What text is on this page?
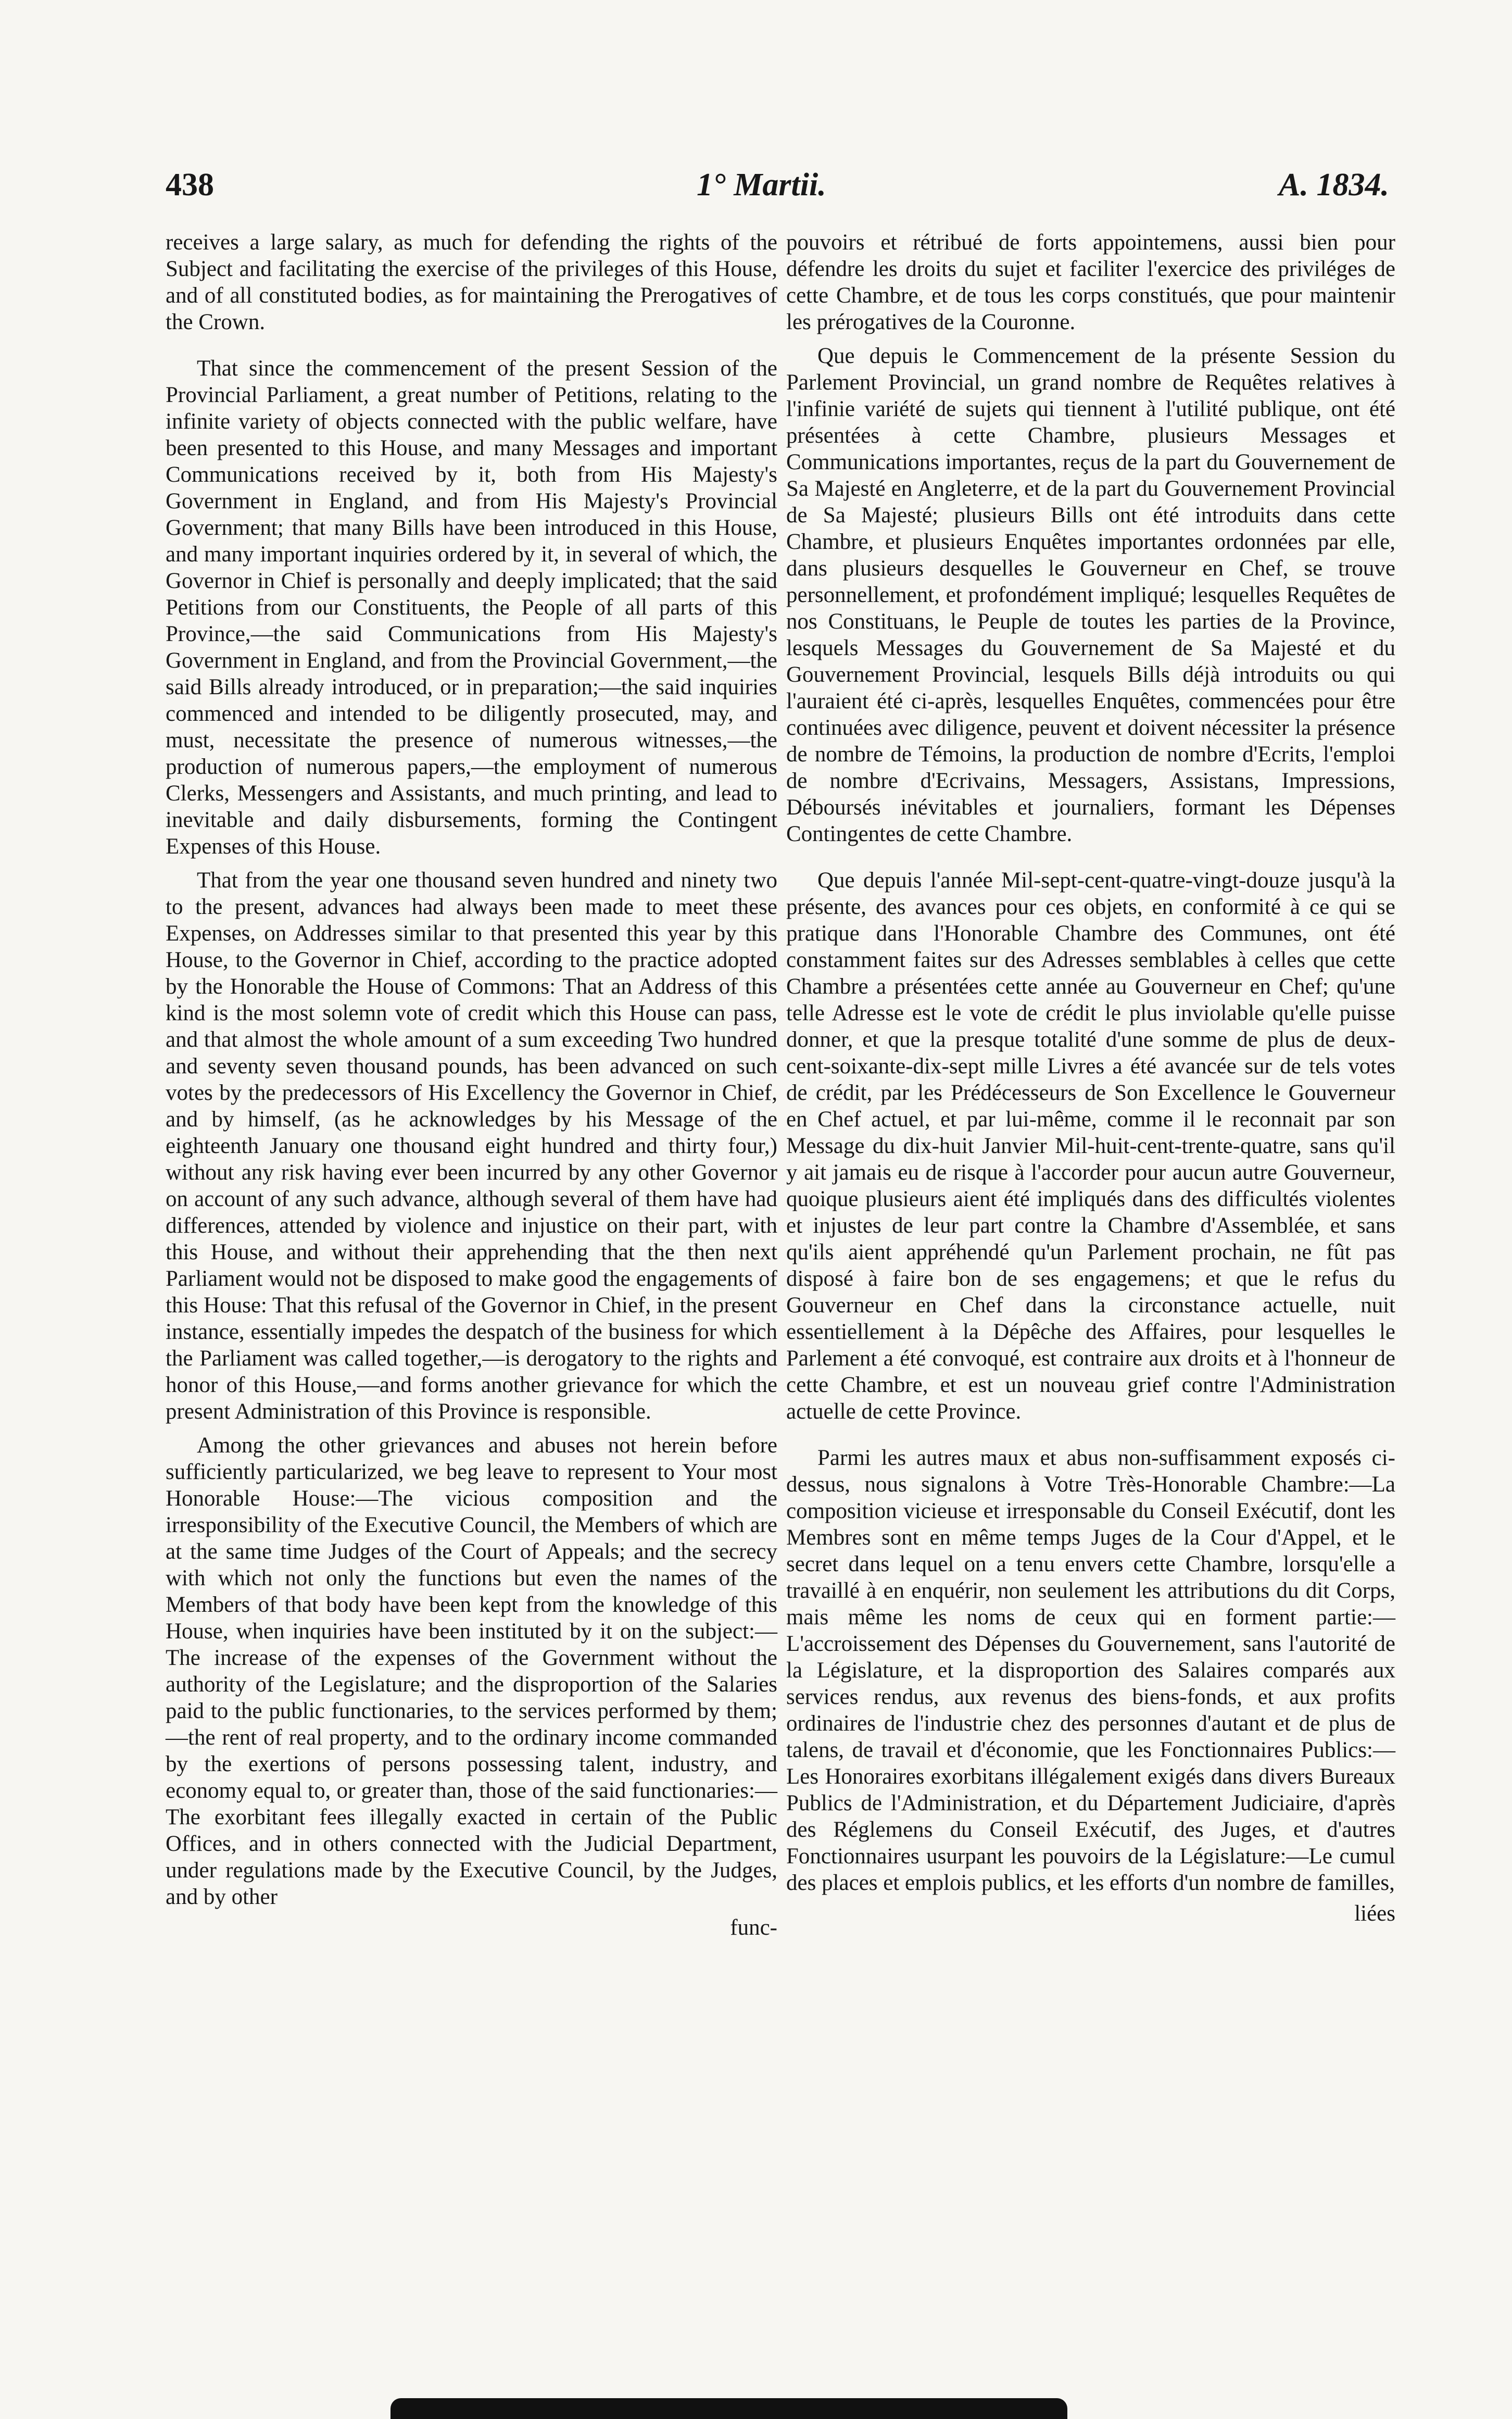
438	1° Martii.	A. 1834.

receives a large salary, as much for defending the rights of the Subject and facilitating the exercise of the privileges of this House, and of all constituted bodies, as for maintaining the Prerogatives of the Crown.

That since the commencement of the present Session of the Provincial Parliament, a great number of Petitions, relating to the infinite variety of objects connected with the public welfare, have been presented to this House, and many Messages and important Communications received by it, both from His Majesty's Government in England, and from His Majesty's Provincial Government; that many Bills have been introduced in this House, and many important inquiries ordered by it, in several of which, the Governor in Chief is personally and deeply implicated; that the said Petitions from our Constituents, the People of all parts of this Province,—the said Communications from His Majesty's Government in England, and from the Provincial Government,—the said Bills already introduced, or in preparation;—the said inquiries commenced and intended to be diligently prosecuted, may, and must, necessitate the presence of numerous witnesses,—the production of numerous papers,—the employment of numerous Clerks, Messengers and Assistants, and much printing, and lead to inevitable and daily disbursements, forming the Contingent Expenses of this House.

That from the year one thousand seven hundred and ninety two to the present, advances had always been made to meet these Expenses, on Addresses similar to that presented this year by this House, to the Governor in Chief, according to the practice adopted by the Honorable the House of Commons: That an Address of this kind is the most solemn vote of credit which this House can pass, and that almost the whole amount of a sum exceeding Two hundred and seventy seven thousand pounds, has been advanced on such votes by the predecessors of His Excellency the Governor in Chief, and by himself, (as he acknowledges by his Message of the eighteenth January one thousand eight hundred and thirty four,) without any risk having ever been incurred by any other Governor on account of any such advance, although several of them have had differences, attended by violence and injustice on their part, with this House, and without their apprehending that the then next Parliament would not be disposed to make good the engagements of this House: That this refusal of the Governor in Chief, in the present instance, essentially impedes the despatch of the business for which the Parliament was called together,—is derogatory to the rights and honor of this House,—and forms another grievance for which the present Administration of this Province is responsible.

Among the other grievances and abuses not herein before sufficiently particularized, we beg leave to represent to Your most Honorable House:—The vicious composition and the irresponsibility of the Executive Council, the Members of which are at the same time Judges of the Court of Appeals; and the secrecy with which not only the functions but even the names of the Members of that body have been kept from the knowledge of this House, when inquiries have been instituted by it on the subject:—The increase of the expenses of the Government without the authority of the Legislature; and the disproportion of the Salaries paid to the public functionaries, to the services performed by them;—the rent of real property, and to the ordinary income commanded by the exertions of persons possessing talent, industry, and economy equal to, or greater than, those of the said functionaries:—The exorbitant fees illegally exacted in certain of the Public Offices, and in others connected with the Judicial Department, under regulations made by the Executive Council, by the Judges, and by other

func-

pouvoirs et rétribué de forts appointemens, aussi bien pour défendre les droits du sujet et faciliter l'exercice des priviléges de cette Chambre, et de tous les corps constitués, que pour maintenir les prérogatives de la Couronne.

Que depuis le Commencement de la présente Session du Parlement Provincial, un grand nombre de Requêtes relatives à l'infinie variété de sujets qui tiennent à l'utilité publique, ont été présentées à cette Chambre, plusieurs Messages et Communications importantes, reçus de la part du Gouvernement de Sa Majesté en Angleterre, et de la part du Gouvernement Provincial de Sa Majesté; plusieurs Bills ont été introduits dans cette Chambre, et plusieurs Enquêtes importantes ordonnées par elle, dans plusieurs desquelles le Gouverneur en Chef, se trouve personnellement, et profondément impliqué; lesquelles Requêtes de nos Constituans, le Peuple de toutes les parties de la Province, lesquels Messages du Gouvernement de Sa Majesté et du Gouvernement Provincial, lesquels Bills déjà introduits ou qui l'auraient été ci-après, lesquelles Enquêtes, commencées pour être continuées avec diligence, peuvent et doivent nécessiter la présence de nombre de Témoins, la production de nombre d'Ecrits, l'emploi de nombre d'Ecrivains, Messagers, Assistans, Impressions, Déboursés inévitables et journaliers, formant les Dépenses Contingentes de cette Chambre.

Que depuis l'année Mil-sept-cent-quatre-vingt-douze jusqu'à la présente, des avances pour ces objets, en conformité à ce qui se pratique dans l'Honorable Chambre des Communes, ont été constamment faites sur des Adresses semblables à celles que cette Chambre a présentées cette année au Gouverneur en Chef; qu'une telle Adresse est le vote de crédit le plus inviolable qu'elle puisse donner, et que la presque totalité d'une somme de plus de deux-cent-soixante-dix-sept mille Livres a été avancée sur de tels votes de crédit, par les Prédécesseurs de Son Excellence le Gouverneur en Chef actuel, et par lui-même, comme il le reconnait par son Message du dix-huit Janvier Mil-huit-cent-trente-quatre, sans qu'il y ait jamais eu de risque à l'accorder pour aucun autre Gouverneur, quoique plusieurs aient été impliqués dans des difficultés violentes et injustes de leur part contre la Chambre d'Assemblée, et sans qu'ils aient appréhendé qu'un Parlement prochain, ne fût pas disposé à faire bon de ses engagemens; et que le refus du Gouverneur en Chef dans la circonstance actuelle, nuit essentiellement à la Dépêche des Affaires, pour lesquelles le Parlement a été convoqué, est contraire aux droits et à l'honneur de cette Chambre, et est un nouveau grief contre l'Administration actuelle de cette Province.

Parmi les autres maux et abus non-suffisamment exposés ci-dessus, nous signalons à Votre Très-Honorable Chambre:—La composition vicieuse et irresponsable du Conseil Exécutif, dont les Membres sont en même temps Juges de la Cour d'Appel, et le secret dans lequel on a tenu envers cette Chambre, lorsqu'elle a travaillé à en enquérir, non seulement les attributions du dit Corps, mais même les noms de ceux qui en forment partie:—L'accroissement des Dépenses du Gouvernement, sans l'autorité de la Législature, et la disproportion des Salaires comparés aux services rendus, aux revenus des biens-fonds, et aux profits ordinaires de l'industrie chez des personnes d'autant et de plus de talens, de travail et d'économie, que les Fonctionnaires Publics:—Les Honoraires exorbitans illégalement exigés dans divers Bureaux Publics de l'Administration, et du Département Judiciaire, d'après des Réglemens du Conseil Exécutif, des Juges, et d'autres Fonctionnaires usurpant les pouvoirs de la Législature:—Le cumul des places et emplois publics, et les efforts d'un nombre de familles,

liées
